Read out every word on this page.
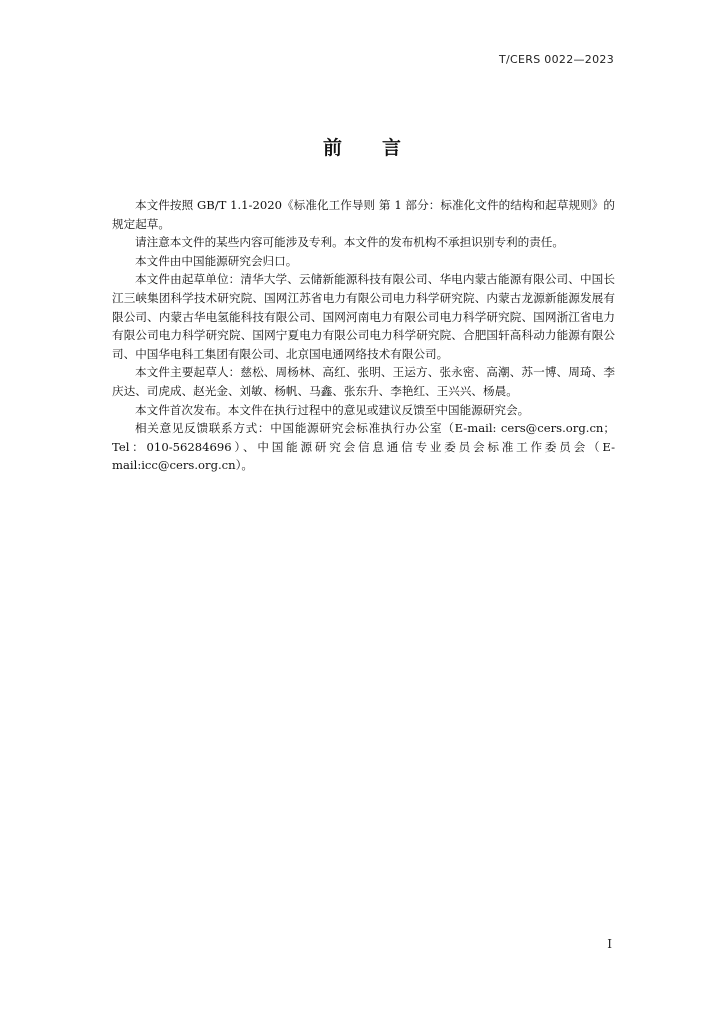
T/CERS 0022—2023
前 言

本文件按照 GB/T 1.1-2020《标准化工作导则 第 1 部分：标准化文件的结构和起草规则》的规定起草。

请注意本文件的某些内容可能涉及专利。本文件的发布机构不承担识别专利的责任。

本文件由中国能源研究会归口。

本文件由起草单位：清华大学、云储新能源科技有限公司、华电内蒙古能源有限公司、中国长江三峡集团科学技术研究院、国网江苏省电力有限公司电力科学研究院、内蒙古龙源新能源发展有限公司、内蒙古华电氢能科技有限公司、国网河南电力有限公司电力科学研究院、国网浙江省电力有限公司电力科学研究院、国网宁夏电力有限公司电力科学研究院、合肥国轩高科动力能源有限公司、中国华电科工集团有限公司、北京国电通网络技术有限公司。

本文件主要起草人：慈松、周杨林、高红、张明、王运方、张永密、高潮、苏一博、周琦、李庆达、司虎成、赵光金、刘敏、杨帆、马鑫、张东升、李艳红、王兴兴、杨晨。

本文件首次发布。本文件在执行过程中的意见或建议反馈至中国能源研究会。

相关意见反馈联系方式：中国能源研究会标准执行办公室（E-mail: cers@cers.org.cn；Tel：010-56284696）、中国能源研究会信息通信专业委员会标准工作委员会（E-mail:icc@cers.org.cn）。

I
